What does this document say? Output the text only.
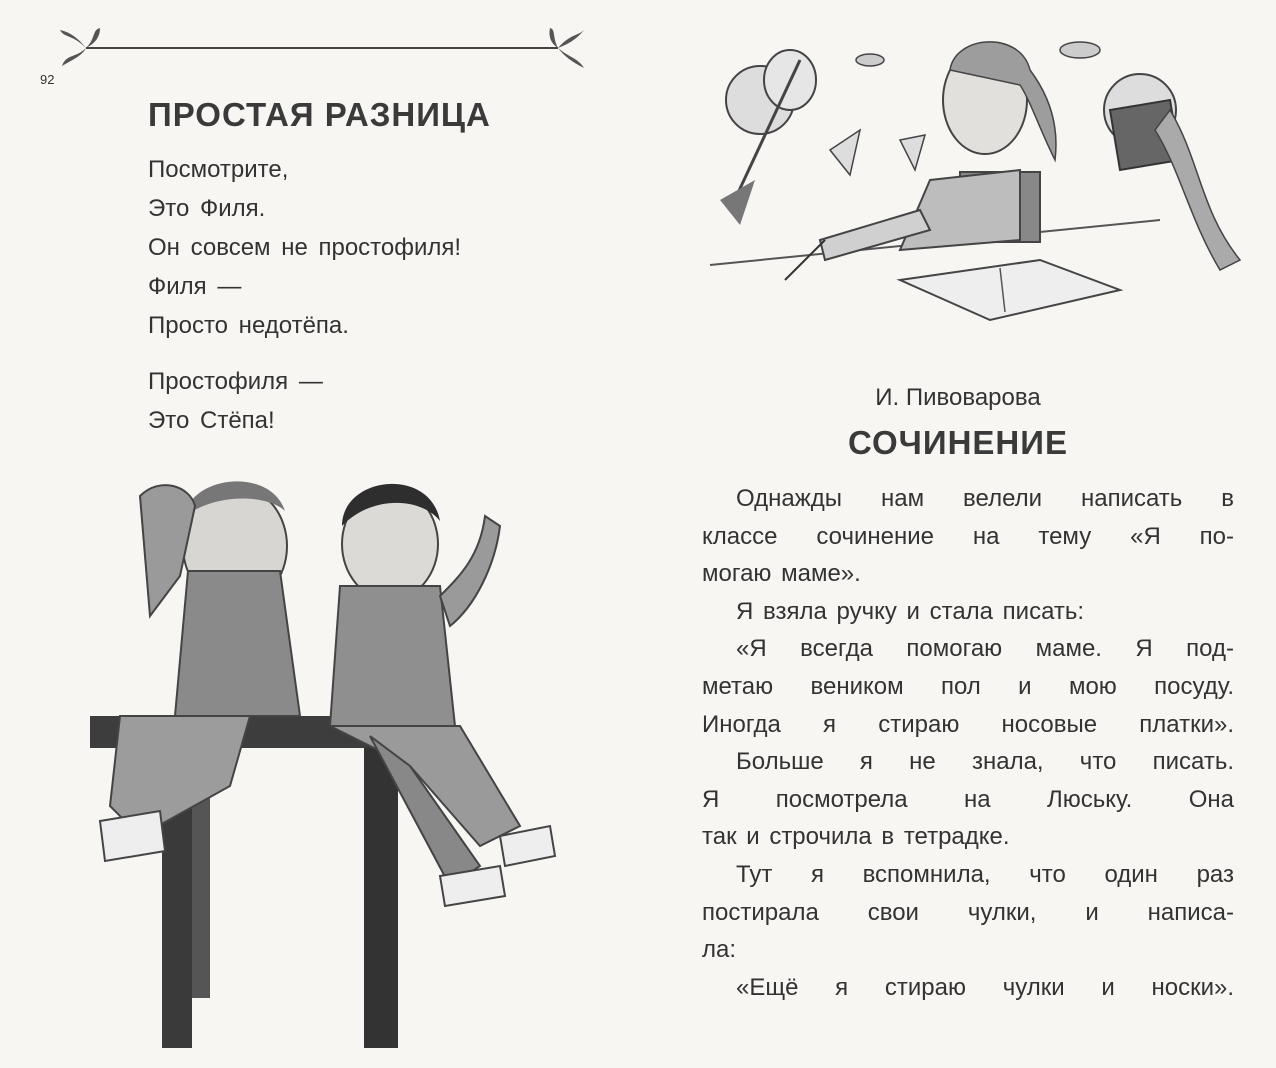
92
ПРОСТАЯ РАЗНИЦА
Посмотрите,
Это Филя.
Он совсем не простофиля!
Филя —
Просто недотёпа.
Простофиля —
Это Стёпа!
И. Пивоварова
СОЧИНЕНИЕ

Однажды нам велели написать в
классе сочинение на тему «Я по-
могаю маме».

Я взяла ручку и стала писать:

«Я всегда помогаю маме. Я под-
метаю веником пол и мою посуду.
Иногда я стираю носовые платки».

Больше я не знала, что писать.
Я посмотрела на Люську. Она
так и строчила в тетрадке.

Тут я вспомнила, что один раз
постирала свои чулки, и написа-
ла:

«Ещё я стираю чулки и носки».
